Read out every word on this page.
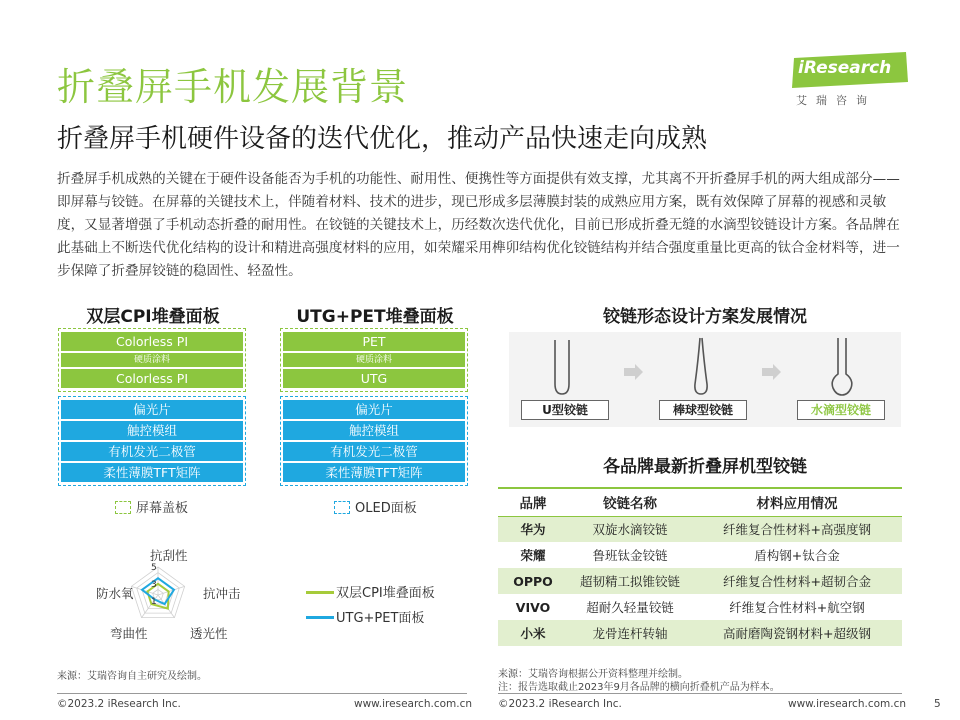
折叠屏手机发展背景
折叠屏手机硬件设备的迭代优化，推动产品快速走向成熟
iResearch
艾瑞咨询
折叠屏手机成熟的关键在于硬件设备能否为手机的功能性、耐用性、便携性等方面提供有效支撑，尤其离不开折叠屏手机的两大组成部分——即屏幕与铰链。在屏幕的关键技术上，伴随着材料、技术的进步，现已形成多层薄膜封装的成熟应用方案，既有效保障了屏幕的视感和灵敏度，又显著增强了手机动态折叠的耐用性。在铰链的关键技术上，历经数次迭代优化，目前已形成折叠无缝的水滴型铰链设计方案。各品牌在此基础上不断迭代优化结构的设计和精进高强度材料的应用，如荣耀采用榫卯结构优化铰链结构并结合强度重量比更高的钛合金材料等，进一步保障了折叠屏铰链的稳固性、轻盈性。
双层CPI堆叠面板
Colorless PI
硬质涂料
Colorless PI
偏光片
触控模组
有机发光二极管
柔性薄膜TFT矩阵
UTG+PET堆叠面板
PET
硬质涂料
UTG
偏光片
触控模组
有机发光二极管
柔性薄膜TFT矩阵
屏幕盖板	OLED面板
抗刮性
抗冲击
透光性
弯曲性
防水氧
5
3
1
双层CPI堆叠面板
UTG+PET面板
铰链形态设计方案发展情况
U型铰链	棒球型铰链	水滴型铰链
各品牌最新折叠屏机型铰链
品牌	铰链名称	材料应用情况
华为	双旋水滴铰链	纤维复合性材料+高强度钢
荣耀	鲁班钛金铰链	盾构钢+钛合金
OPPO	超韧精工拟锥铰链	纤维复合性材料+超韧合金
VIVO	超耐久轻量铰链	纤维复合性材料+航空钢
小米	龙骨连杆转轴	高耐磨陶瓷钢材料+超级钢
来源：艾瑞咨询自主研究及绘制。	来源：艾瑞咨询根据公开资料整理并绘制。
注：报告选取截止2023年9月各品牌的横向折叠机产品为样本。
©2023.2 iResearch Inc.	www.iresearch.com.cn ©2023.2 iResearch Inc.	www.iresearch.com.cn	5
